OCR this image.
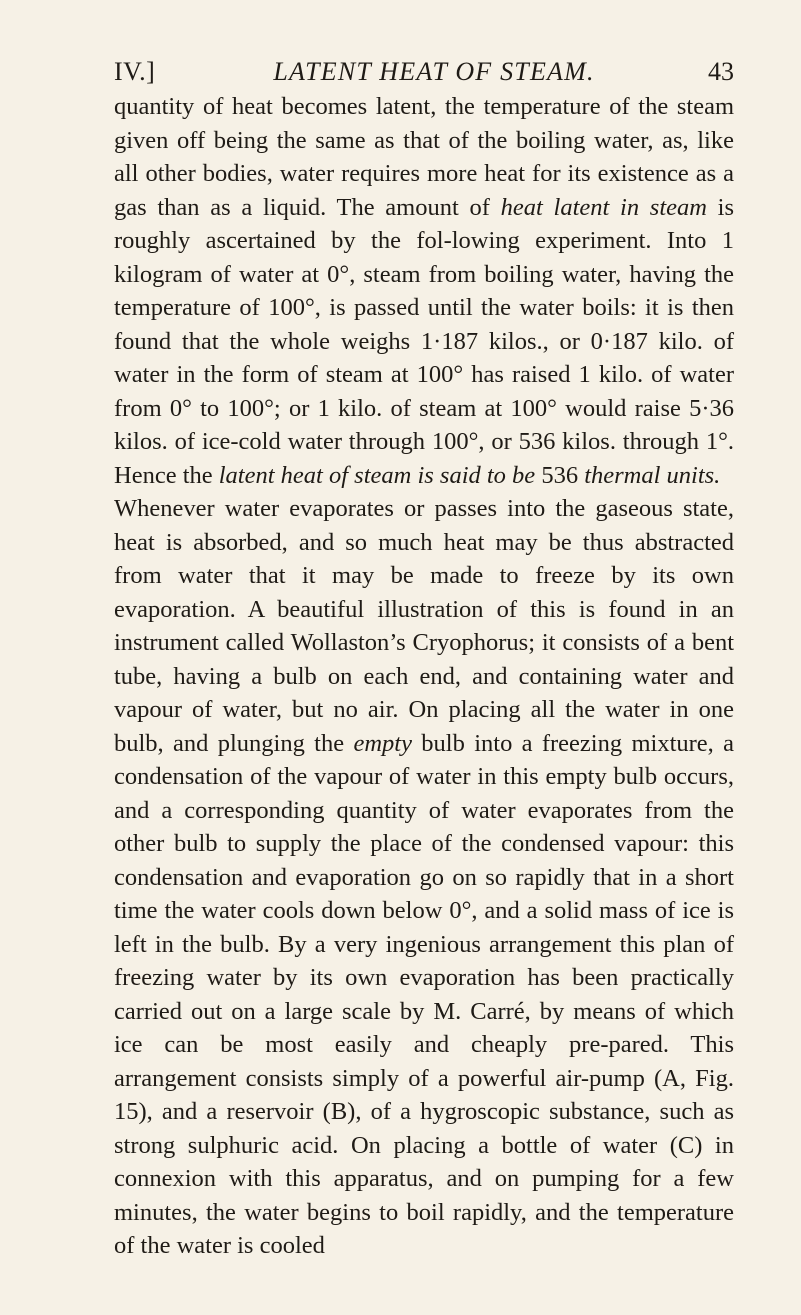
IV.]	LATENT HEAT OF STEAM.	43

quantity of heat becomes latent, the temperature of the steam given off being the same as that of the boiling water, as, like all other bodies, water requires more heat for its existence as a gas than as a liquid. The amount of heat latent in steam is roughly ascertained by the fol-lowing experiment. Into 1 kilogram of water at 0°, steam from boiling water, having the temperature of 100°, is passed until the water boils: it is then found that the whole weighs 1·187 kilos., or 0·187 kilo. of water in the form of steam at 100° has raised 1 kilo. of water from 0° to 100°; or 1 kilo. of steam at 100° would raise 5·36 kilos. of ice-cold water through 100°, or 536 kilos. through 1°. Hence the latent heat of steam is said to be 536 thermal units.

Whenever water evaporates or passes into the gaseous state, heat is absorbed, and so much heat may be thus abstracted from water that it may be made to freeze by its own evaporation. A beautiful illustration of this is found in an instrument called Wollaston’s Cryophorus; it consists of a bent tube, having a bulb on each end, and containing water and vapour of water, but no air. On placing all the water in one bulb, and plunging the empty bulb into a freezing mixture, a condensation of the vapour of water in this empty bulb occurs, and a corresponding quantity of water evaporates from the other bulb to supply the place of the condensed vapour: this condensation and evaporation go on so rapidly that in a short time the water cools down below 0°, and a solid mass of ice is left in the bulb. By a very ingenious arrangement this plan of freezing water by its own evaporation has been practically carried out on a large scale by M. Carré, by means of which ice can be most easily and cheaply pre-pared. This arrangement consists simply of a powerful air-pump (A, Fig. 15), and a reservoir (B), of a hygroscopic substance, such as strong sulphuric acid. On placing a bottle of water (C) in connexion with this apparatus, and on pumping for a few minutes, the water begins to boil rapidly, and the temperature of the water is cooled
